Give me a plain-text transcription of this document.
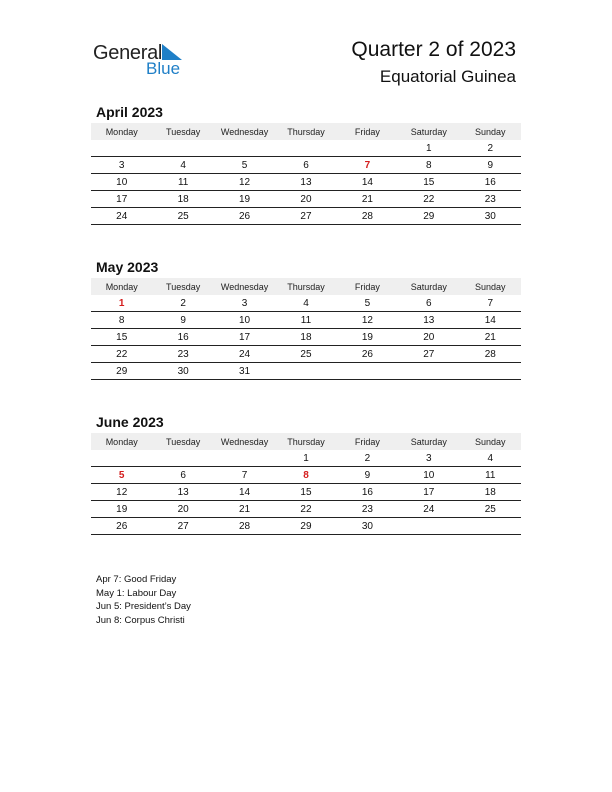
General
Blue
Quarter 2 of 2023
Equatorial Guinea
April 2023
Monday	Tuesday	Wednesday	Thursday	Friday	Saturday	Sunday
					1	2
3	4	5	6	7	8	9
10	11	12	13	14	15	16
17	18	19	20	21	22	23
24	25	26	27	28	29	30
May 2023
Monday	Tuesday	Wednesday	Thursday	Friday	Saturday	Sunday
1	2	3	4	5	6	7
8	9	10	11	12	13	14
15	16	17	18	19	20	21
22	23	24	25	26	27	28
29	30	31				
June 2023
Monday	Tuesday	Wednesday	Thursday	Friday	Saturday	Sunday
			1	2	3	4
5	6	7	8	9	10	11
12	13	14	15	16	17	18
19	20	21	22	23	24	25
26	27	28	29	30		
Apr 7: Good Friday
May 1: Labour Day
Jun 5: President’s Day
Jun 8: Corpus Christi
